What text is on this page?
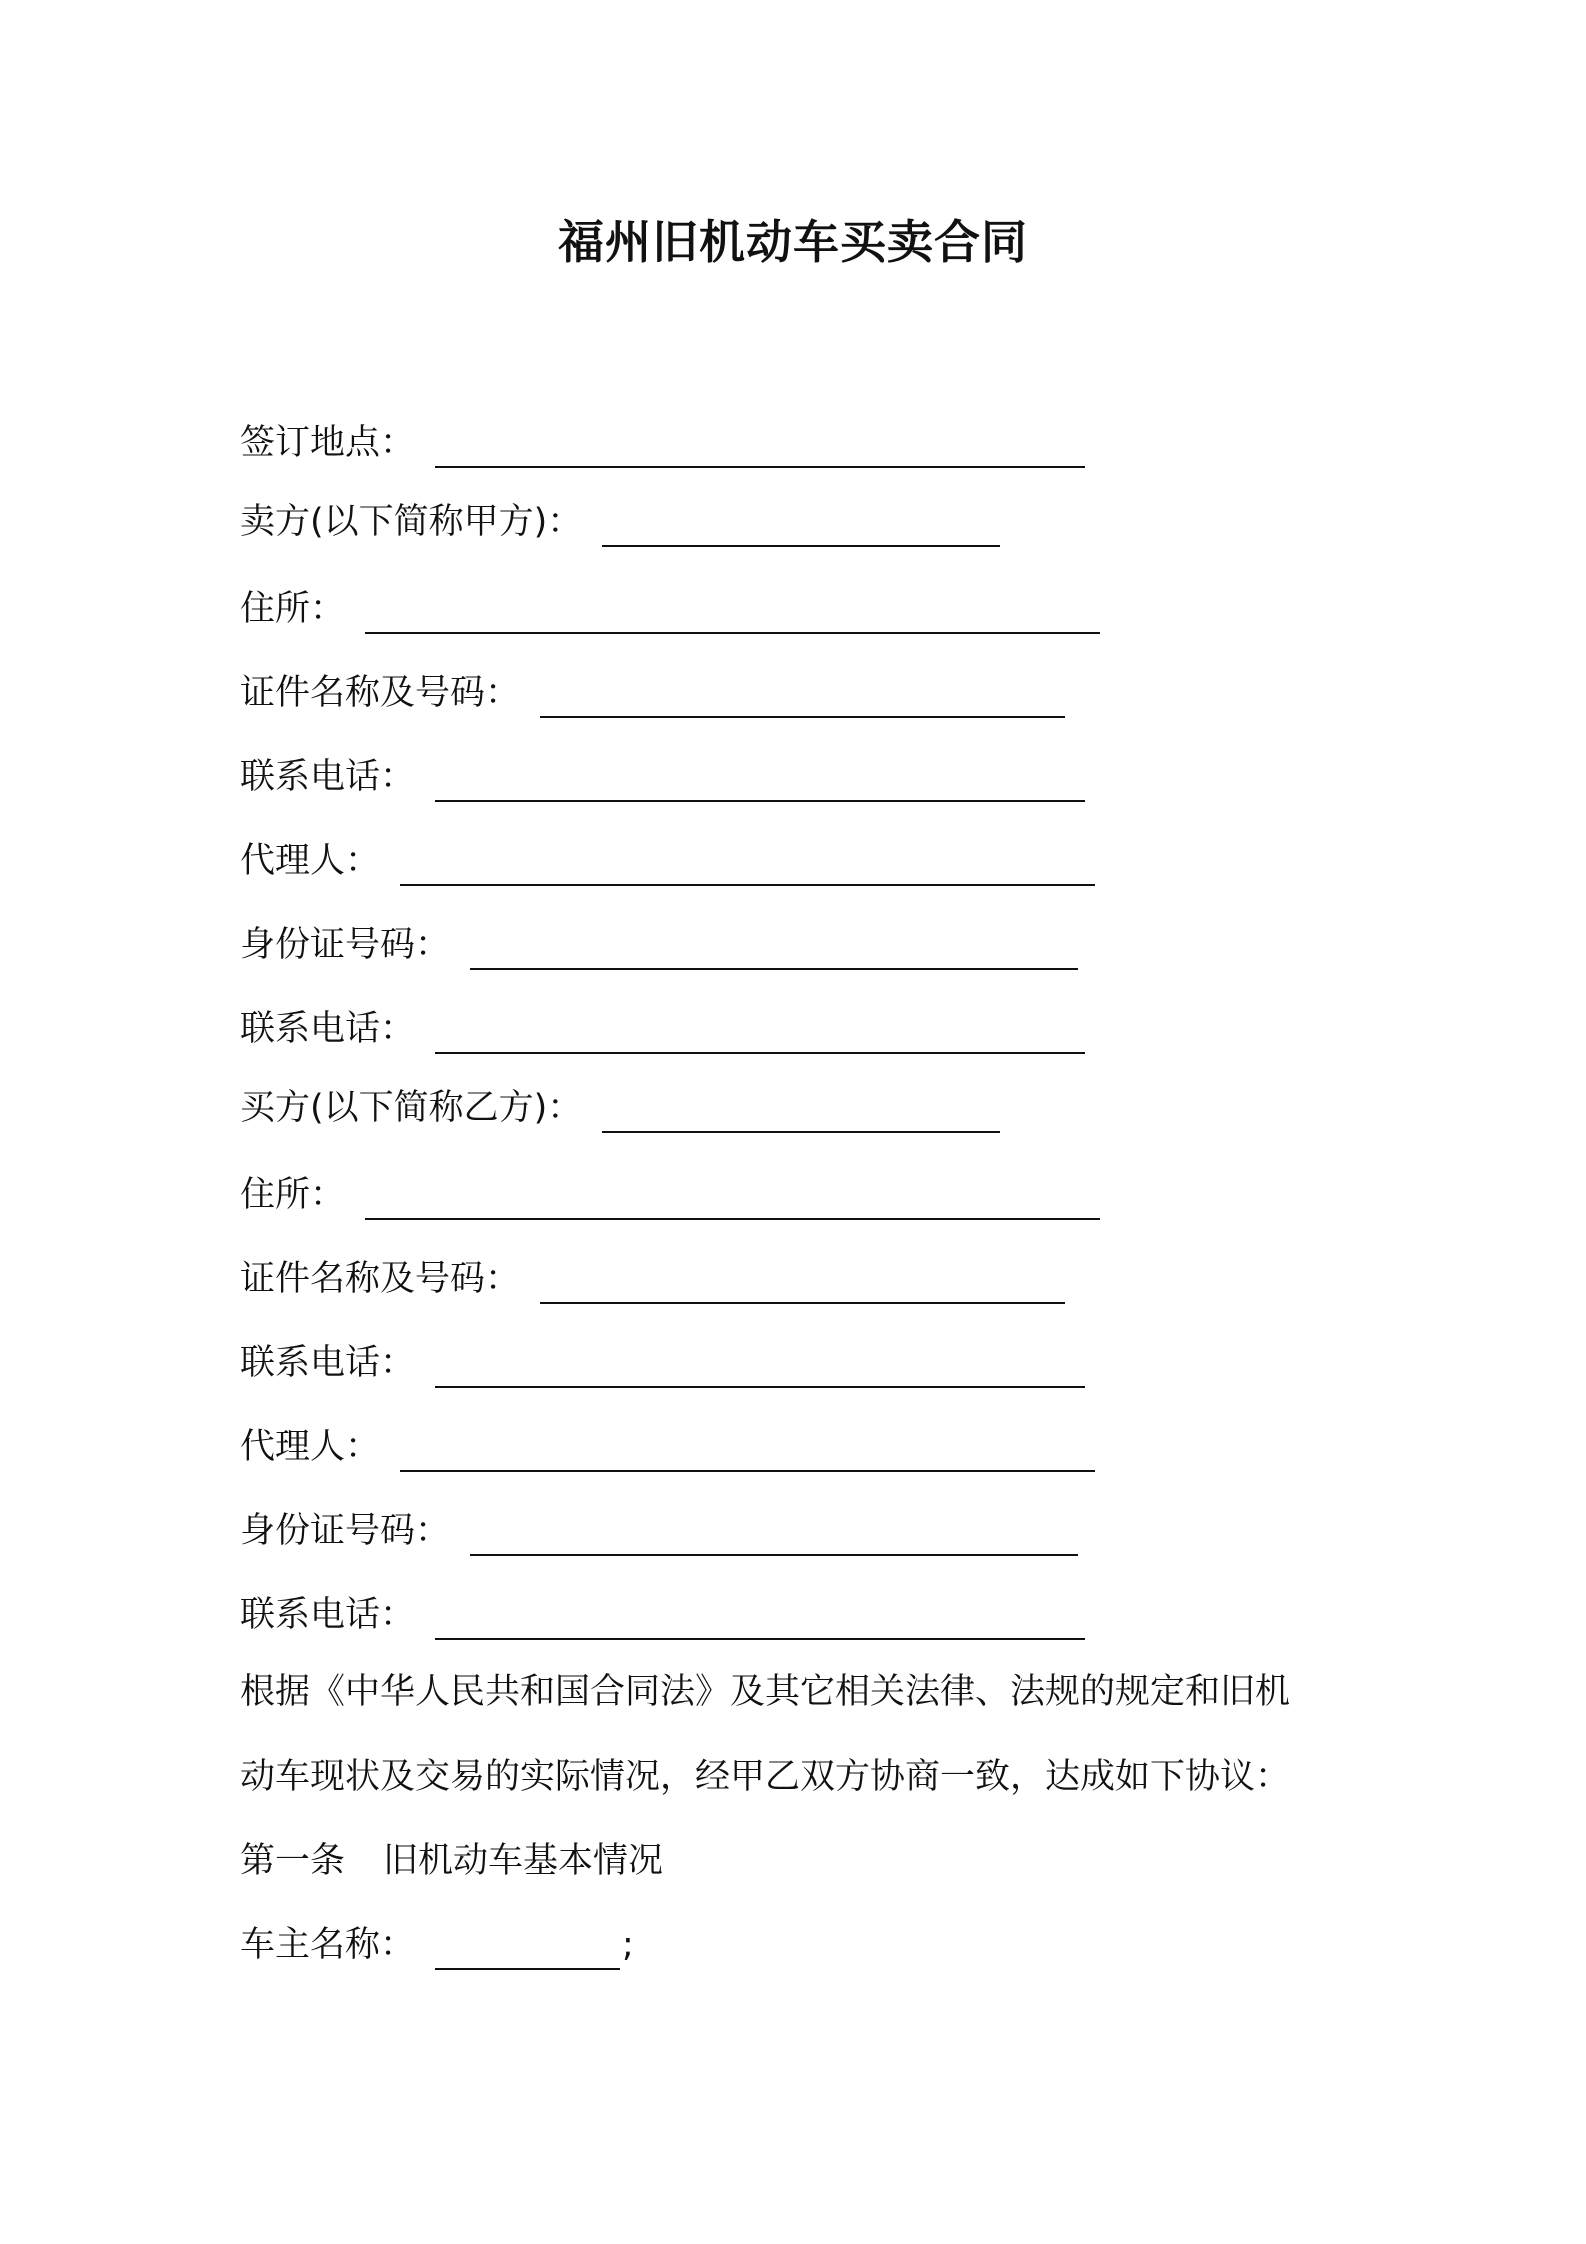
福州旧机动车买卖合同
签订地点：
卖方(以下简称甲方)：
住所：
证件名称及号码：
联系电话：
代理人：
身份证号码：
联系电话：
买方(以下简称乙方)：
住所：
证件名称及号码：
联系电话：
代理人：
身份证号码：
联系电话：
根据《中华人民共和国合同法》及其它相关法律、法规的规定和旧机
动车现状及交易的实际情况，经甲乙双方协商一致，达成如下协议：
第一条 旧机动车基本情况
车主名称：	;
